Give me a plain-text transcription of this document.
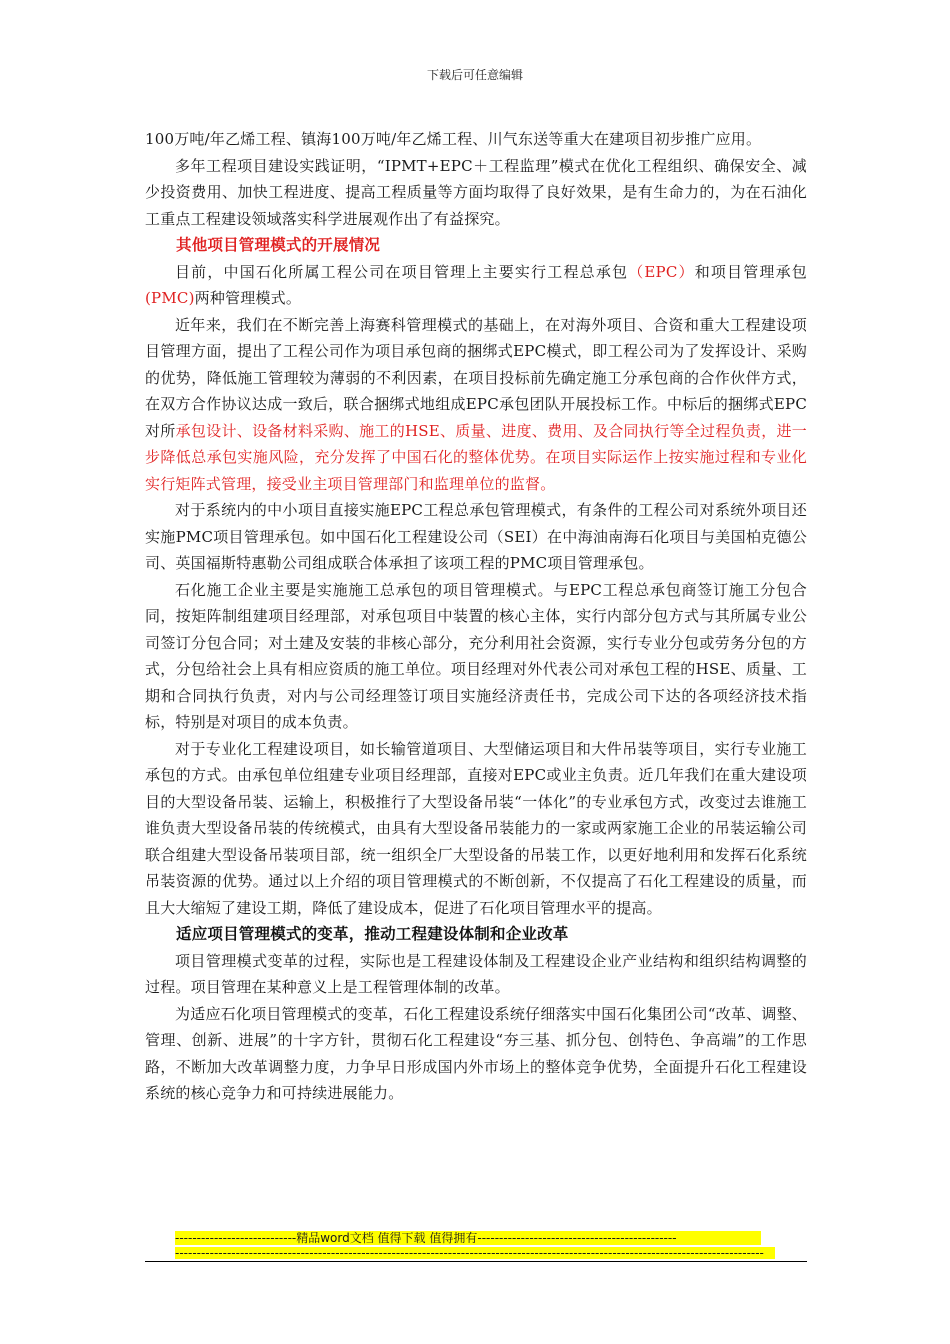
下载后可任意编辑

100万吨/年乙烯工程、镇海100万吨/年乙烯工程、川气东送等重大在建项目初步推广应用。

多年工程项目建设实践证明，“IPMT+EPC＋工程监理”模式在优化工程组织、确保安全、减少投资费用、加快工程进度、提高工程质量等方面均取得了良好效果，是有生命力的，为在石油化工重点工程建设领域落实科学进展观作出了有益探究。

其他项目管理模式的开展情况

目前，中国石化所属工程公司在项目管理上主要实行工程总承包（EPC）和项目管理承包(PMC)两种管理模式。

近年来，我们在不断完善上海赛科管理模式的基础上，在对海外项目、合资和重大工程建设项目管理方面，提出了工程公司作为项目承包商的捆绑式EPC模式，即工程公司为了发挥设计、采购的优势，降低施工管理较为薄弱的不利因素，在项目投标前先确定施工分承包商的合作伙伴方式，在双方合作协议达成一致后，联合捆绑式地组成EPC承包团队开展投标工作。中标后的捆绑式EPC对所承包设计、设备材料采购、施工的HSE、质量、进度、费用、及合同执行等全过程负责，进一步降低总承包实施风险，充分发挥了中国石化的整体优势。在项目实际运作上按实施过程和专业化实行矩阵式管理，接受业主项目管理部门和监理单位的监督。

对于系统内的中小项目直接实施EPC工程总承包管理模式，有条件的工程公司对系统外项目还实施PMC项目管理承包。如中国石化工程建设公司（SEI）在中海油南海石化项目与美国柏克德公司、英国福斯特惠勒公司组成联合体承担了该项工程的PMC项目管理承包。

石化施工企业主要是实施施工总承包的项目管理模式。与EPC工程总承包商签订施工分包合同，按矩阵制组建项目经理部，对承包项目中装置的核心主体，实行内部分包方式与其所属专业公司签订分包合同；对土建及安装的非核心部分，充分利用社会资源，实行专业分包或劳务分包的方式，分包给社会上具有相应资质的施工单位。项目经理对外代表公司对承包工程的HSE、质量、工期和合同执行负责，对内与公司经理签订项目实施经济责任书，完成公司下达的各项经济技术指标，特别是对项目的成本负责。

对于专业化工程建设项目，如长输管道项目、大型储运项目和大件吊装等项目，实行专业施工承包的方式。由承包单位组建专业项目经理部，直接对EPC或业主负责。近几年我们在重大建设项目的大型设备吊装、运输上，积极推行了大型设备吊装“一体化”的专业承包方式，改变过去谁施工谁负责大型设备吊装的传统模式，由具有大型设备吊装能力的一家或两家施工企业的吊装运输公司联合组建大型设备吊装项目部，统一组织全厂大型设备的吊装工作，以更好地利用和发挥石化系统吊装资源的优势。通过以上介绍的项目管理模式的不断创新，不仅提高了石化工程建设的质量，而且大大缩短了建设工期，降低了建设成本，促进了石化项目管理水平的提高。

适应项目管理模式的变革，推动工程建设体制和企业改革

项目管理模式变革的过程，实际也是工程建设体制及工程建设企业产业结构和组织结构调整的过程。项目管理在某种意义上是工程管理体制的改革。

为适应石化项目管理模式的变革，石化工程建设系统仔细落实中国石化集团公司“改革、调整、管理、创新、进展”的十字方针，贯彻石化工程建设“夯三基、抓分包、创特色、争高端”的工作思路，不断加大改革调整力度，力争早日形成国内外市场上的整体竞争优势，全面提升石化工程建设系统的核心竞争力和可持续进展能力。

----------------------------精品word文档 值得下载 值得拥有----------------------------------------------
----------------------------------------------------------------------------------------------------------------------------------------
